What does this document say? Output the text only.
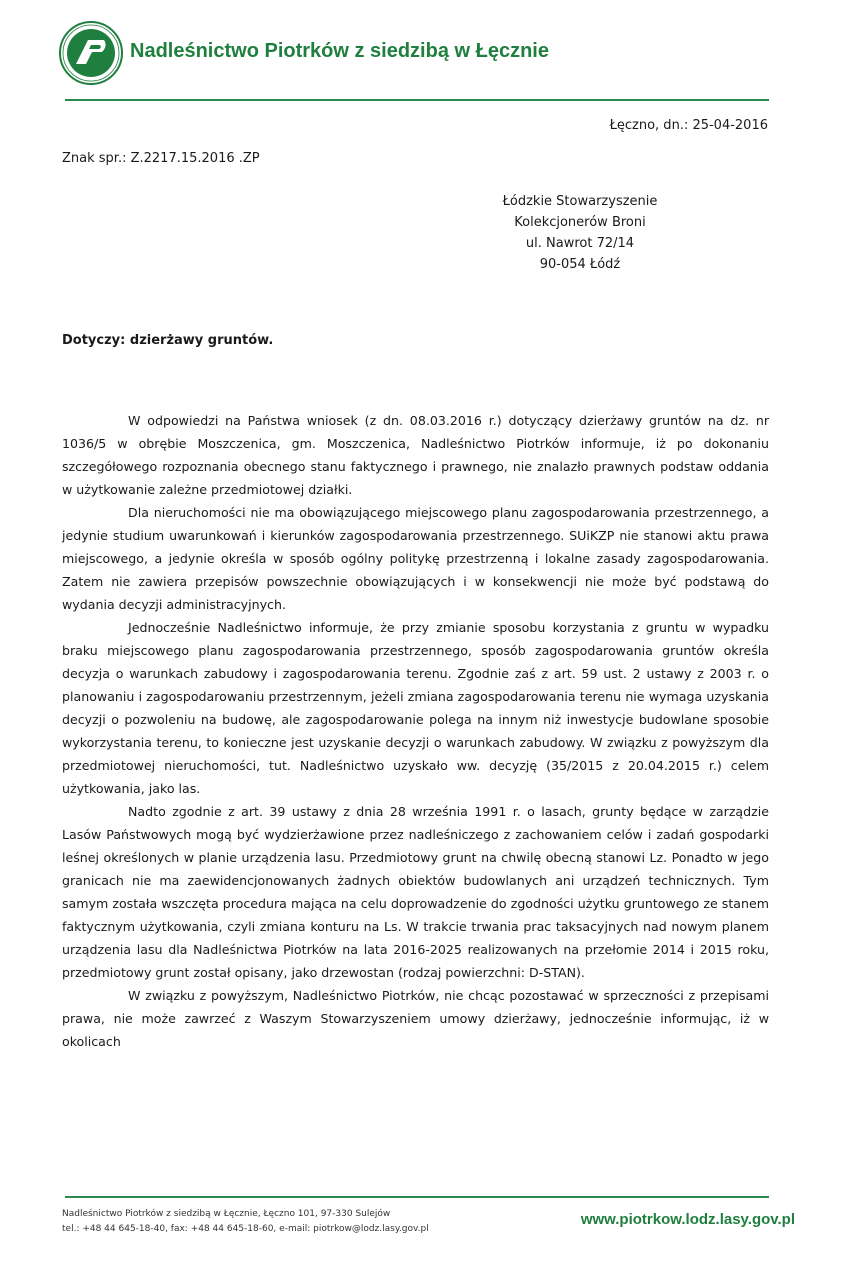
Nadleśnictwo Piotrków z siedzibą w Łęcznie
Łęczno, dn.: 25-04-2016
Znak spr.: Z.2217.15.2016 .ZP
Łódzkie Stowarzyszenie
Kolekcjonerów Broni
ul. Nawrot 72/14
90-054 Łódź
Dotyczy: dzierżawy gruntów.

W odpowiedzi na Państwa wniosek (z dn. 08.03.2016 r.) dotyczący dzierżawy gruntów na dz. nr 1036/5 w obrębie Moszczenica, gm. Moszczenica, Nadleśnictwo Piotrków informuje, iż po dokonaniu szczegółowego rozpoznania obecnego stanu faktycznego i prawnego, nie znalazło prawnych podstaw oddania w użytkowanie zależne przedmiotowej działki.

Dla nieruchomości nie ma obowiązującego miejscowego planu zagospodarowania przestrzennego, a jedynie studium uwarunkowań i kierunków zagospodarowania przestrzennego. SUiKZP nie stanowi aktu prawa miejscowego, a jedynie określa w sposób ogólny politykę przestrzenną i lokalne zasady zagospodarowania. Zatem nie zawiera przepisów powszechnie obowiązujących i w konsekwencji nie może być podstawą do wydania decyzji administracyjnych.

Jednocześnie Nadleśnictwo informuje, że przy zmianie sposobu korzystania z gruntu w wypadku braku miejscowego planu zagospodarowania przestrzennego, sposób zagospodarowania gruntów określa decyzja o warunkach zabudowy i zagospodarowania terenu. Zgodnie zaś z art. 59 ust. 2 ustawy z 2003 r. o planowaniu i zagospodarowaniu przestrzennym, jeżeli zmiana zagospodarowania terenu nie wymaga uzyskania decyzji o pozwoleniu na budowę, ale zagospodarowanie polega na innym niż inwestycje budowlane sposobie wykorzystania terenu, to konieczne jest uzyskanie decyzji o warunkach zabudowy. W związku z powyższym dla przedmiotowej nieruchomości, tut. Nadleśnictwo uzyskało ww. decyzję (35/2015 z 20.04.2015 r.) celem użytkowania, jako las.

Nadto zgodnie z art. 39 ustawy z dnia 28 września 1991 r. o lasach, grunty będące w zarządzie Lasów Państwowych mogą być wydzierżawione przez nadleśniczego z zachowaniem celów i zadań gospodarki leśnej określonych w planie urządzenia lasu. Przedmiotowy grunt na chwilę obecną stanowi Lz. Ponadto w jego granicach nie ma zaewidencjonowanych żadnych obiektów budowlanych ani urządzeń technicznych. Tym samym została wszczęta procedura mająca na celu doprowadzenie do zgodności użytku gruntowego ze stanem faktycznym użytkowania, czyli zmiana konturu na Ls. W trakcie trwania prac taksacyjnych nad nowym planem urządzenia lasu dla Nadleśnictwa Piotrków na lata 2016-2025 realizowanych na przełomie 2014 i 2015 roku, przedmiotowy grunt został opisany, jako drzewostan (rodzaj powierzchni: D-STAN).

W związku z powyższym, Nadleśnictwo Piotrków, nie chcąc pozostawać w sprzeczności z przepisami prawa, nie może zawrzeć z Waszym Stowarzyszeniem umowy dzierżawy, jednocześnie informując, iż w okolicach

Nadleśnictwo Piotrków z siedzibą w Łęcznie, Łęczno 101, 97-330 Sulejów
tel.: +48 44 645-18-40, fax: +48 44 645-18-60, e-mail: piotrkow@lodz.lasy.gov.pl
www.piotrkow.lodz.lasy.gov.pl
